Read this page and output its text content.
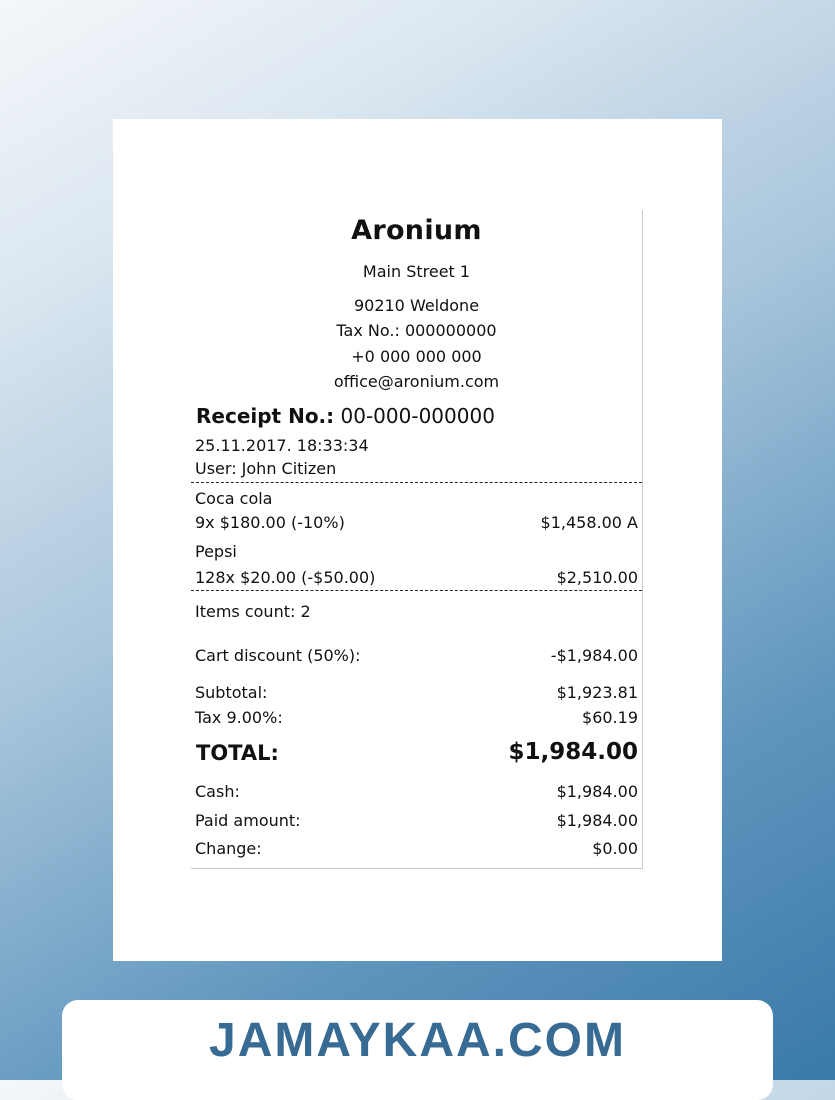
Aronium
Main Street 1
90210 Weldone
Tax No.: 000000000
+0 000 000 000
office@aronium.com
Receipt No.: 00-000-000000
25.11.2017. 18:33:34
User: John Citizen
Coca cola
9x $180.00 (-10%)	$1,458.00 A
Pepsi
128x $20.00 (-$50.00)	$2,510.00
Items count: 2
Cart discount (50%):	-$1,984.00
Subtotal:	$1,923.81
Tax 9.00%:	$60.19
TOTAL:	$1,984.00
Cash:	$1,984.00
Paid amount:	$1,984.00
Change:	$0.00
JAMAYKAA.COM
